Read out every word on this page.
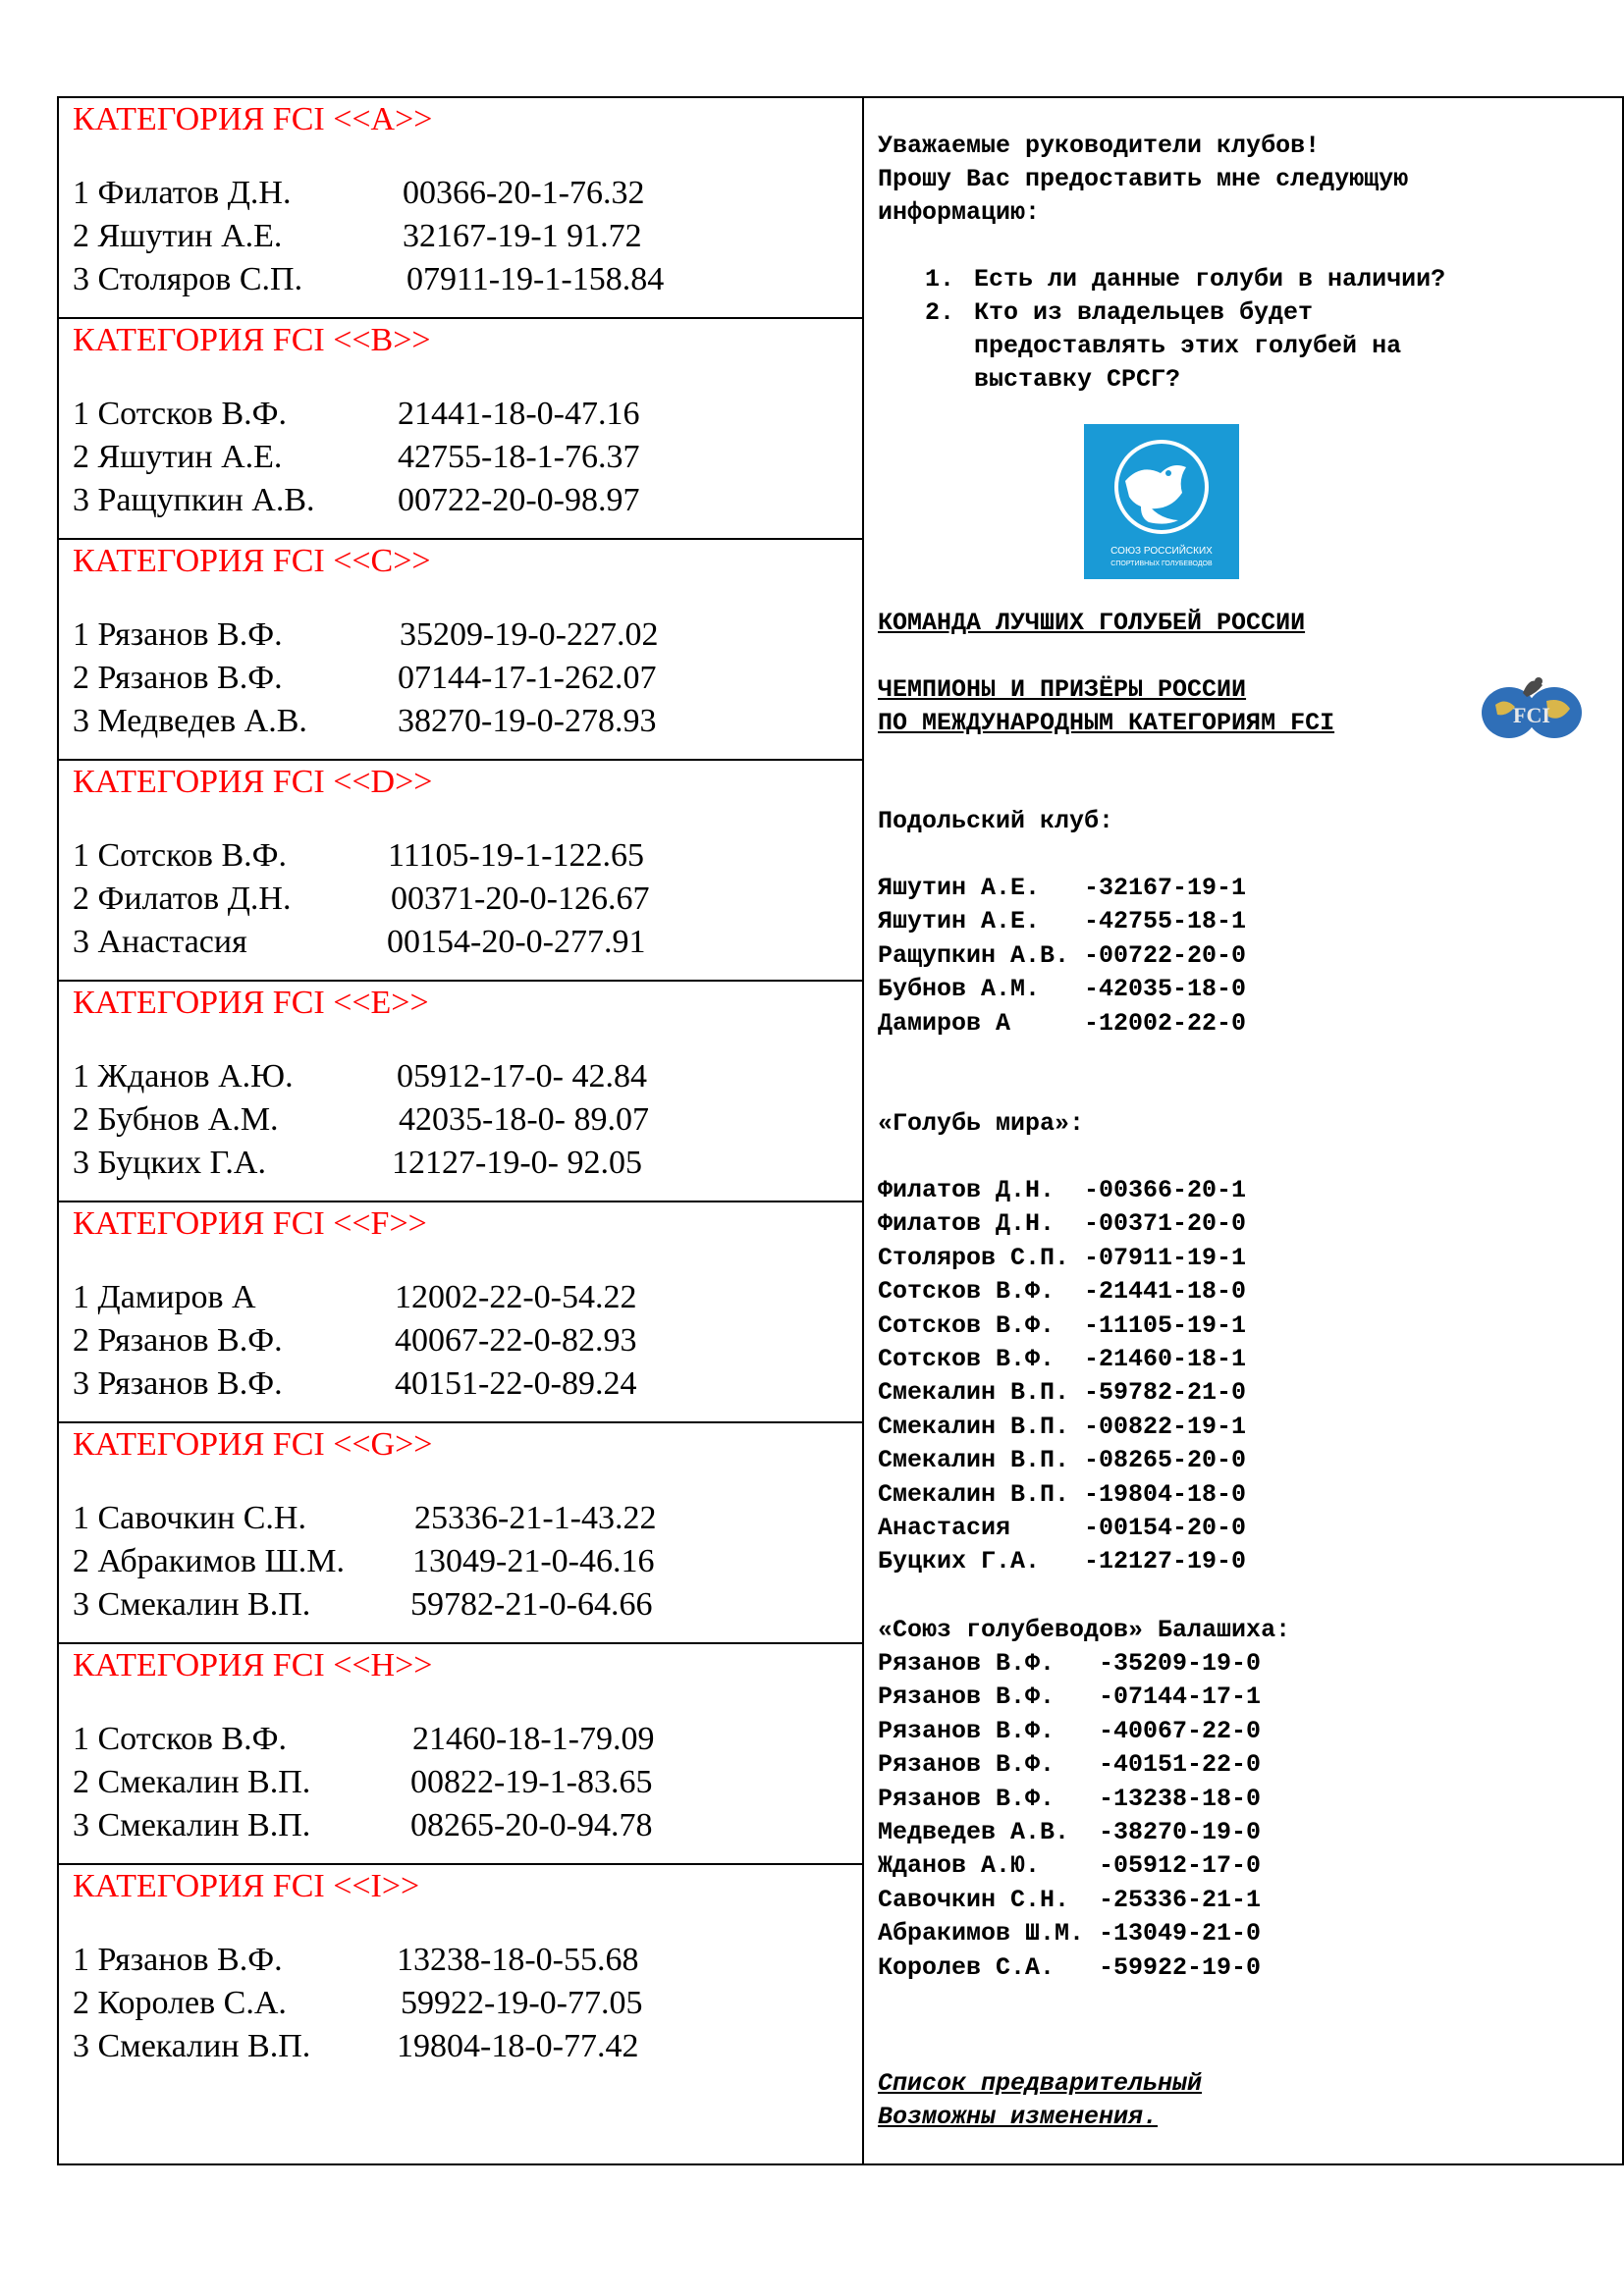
КАТЕГОРИЯ FCI <<A>>
1 Филатов Д.Н.	00366-20-1-76.32
2 Яшутин А.Е.	32167-19-1 91.72
3 Столяров С.П.	07911-19-1-158.84
КАТЕГОРИЯ FCI <<B>>
1 Сотсков В.Ф.	21441-18-0-47.16
2 Яшутин А.Е.	42755-18-1-76.37
3 Ращупкин А.В. 00722-20-0-98.97
КАТЕГОРИЯ FCI <<C>>
1 Рязанов В.Ф.	35209-19-0-227.02
2 Рязанов В.Ф.	07144-17-1-262.07
3 Медведев А.В.	38270-19-0-278.93
КАТЕГОРИЯ FCI <<D>>
1 Сотсков В.Ф.	11105-19-1-122.65
2 Филатов Д.Н.	00371-20-0-126.67
3 Анастасия	00154-20-0-277.91
КАТЕГОРИЯ FCI <<E>>
1 Жданов А.Ю.	05912-17-0- 42.84
2 Бубнов А.М.	42035-18-0- 89.07
3 Буцких Г.А.	12127-19-0- 92.05
КАТЕГОРИЯ FCI <<F>>
1 Дамиров А	12002-22-0-54.22
2 Рязанов В.Ф.	40067-22-0-82.93
3 Рязанов В.Ф.	40151-22-0-89.24
КАТЕГОРИЯ FCI <<G>>
1 Савочкин С.Н.	25336-21-1-43.22
2 Абракимов Ш.М. 13049-21-0-46.16
3 Смекалин В.П.	59782-21-0-64.66
КАТЕГОРИЯ FCI <<H>>
1 Сотсков В.Ф.	21460-18-1-79.09
2 Смекалин В.П.	00822-19-1-83.65
3 Смекалин В.П.	08265-20-0-94.78
КАТЕГОРИЯ FCI <<I>>
1 Рязанов В.Ф.	13238-18-0-55.68
2 Королев С.А.	59922-19-0-77.05
3 Смекалин В.П.	19804-18-0-77.42
Уважаемые руководители клубов!
Прошу Вас предоставить мне следующую
информацию:
1. Есть ли данные голуби в наличии?
2. Кто из владельцев будет
предоставлять этих голубей на
выставку СРСГ?
КОМАНДА ЛУЧШИХ ГОЛУБЕЙ РОССИИ
ЧЕМПИОНЫ И ПРИЗЁРЫ РОССИИ
ПО МЕЖДУНАРОДНЫМ КАТЕГОРИЯМ FCI
Подольский клуб:
Яшутин А.Е.   -32167-19-1
Яшутин А.Е.   -42755-18-1
Ращупкин А.В. -00722-20-0
Бубнов А.М.   -42035-18-0
Дамиров А     -12002-22-0
«Голубь мира»:
Филатов Д.Н.  -00366-20-1
Филатов Д.Н.  -00371-20-0
Столяров С.П. -07911-19-1
Сотсков В.Ф.  -21441-18-0
Сотсков В.Ф.  -11105-19-1
Сотсков В.Ф.  -21460-18-1
Смекалин В.П. -59782-21-0
Смекалин В.П. -00822-19-1
Смекалин В.П. -08265-20-0
Смекалин В.П. -19804-18-0
Анастасия     -00154-20-0
Буцких Г.А.   -12127-19-0
«Союз голубеводов» Балашиха:
Рязанов В.Ф.   -35209-19-0
Рязанов В.Ф.   -07144-17-1
Рязанов В.Ф.   -40067-22-0
Рязанов В.Ф.   -40151-22-0
Рязанов В.Ф.   -13238-18-0
Медведев А.В.  -38270-19-0
Жданов А.Ю.    -05912-17-0
Савочкин С.Н.  -25336-21-1
Абракимов Ш.М. -13049-21-0
Королев С.А.   -59922-19-0
Список предварительный
Возможны изменения.
СОЮЗ РОССИЙСКИХ
СПОРТИВНЫХ ГОЛУБЕВОДОВ
FCI
